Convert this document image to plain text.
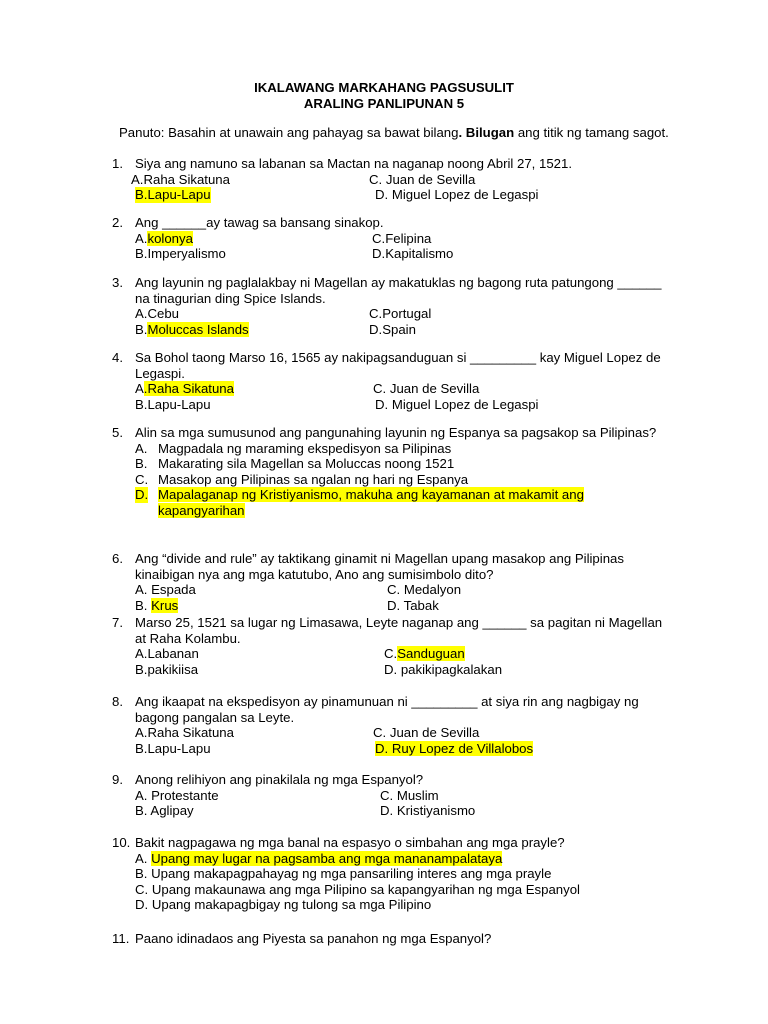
IKALAWANG MARKAHANG PAGSUSULIT
ARALING PANLIPUNAN 5
Panuto: Basahin at unawain ang pahayag sa bawat bilang. Bilugan ang titik ng tamang sagot.
1. Siya ang namuno sa labanan sa Mactan na naganap noong Abril 27, 1521.
A.Raha Sikatuna	C. Juan de Sevilla
B.Lapu-Lapu	D. Miguel Lopez de Legaspi
2. Ang ______ay tawag sa bansang sinakop.
A.kolonya	C.Felipina
B.Imperyalismo	D.Kapitalismo
3. Ang layunin ng paglalakbay ni Magellan ay makatuklas ng bagong ruta patungong ______ na tinagurian ding Spice Islands.
A.Cebu	C.Portugal
B.Moluccas Islands	D.Spain
4. Sa Bohol taong Marso 16, 1565 ay nakipagsanduguan si _________ kay Miguel Lopez de Legaspi.
A.Raha Sikatuna	C. Juan de Sevilla
B.Lapu-Lapu	D. Miguel Lopez de Legaspi
5. Alin sa mga sumusunod ang pangunahing layunin ng Espanya sa pagsakop sa Pilipinas?
A. Magpadala ng maraming ekspedisyon sa Pilipinas
B. Makarating sila Magellan sa Moluccas noong 1521
C. Masakop ang Pilipinas sa ngalan ng hari ng Espanya
D. Mapalaganap ng Kristiyanismo, makuha ang kayamanan at makamit ang kapangyarihan
6. Ang “divide and rule” ay taktikang ginamit ni Magellan upang masakop ang Pilipinas kinaibigan nya ang mga katutubo, Ano ang sumisimbolo dito?
A. Espada	C. Medalyon
B. Krus	D. Tabak
7. Marso 25, 1521 sa lugar ng Limasawa, Leyte naganap ang ______ sa pagitan ni Magellan at Raha Kolambu.
A.Labanan	C.Sanduguan
B.pakikiisa	D. pakikipagkalakan
8. Ang ikaapat na ekspedisyon ay pinamunuan ni _________ at siya rin ang nagbigay ng bagong pangalan sa Leyte.
A.Raha Sikatuna	C. Juan de Sevilla
B.Lapu-Lapu	D. Ruy Lopez de Villalobos
9. Anong relihiyon ang pinakilala ng mga Espanyol?
A. Protestante	C. Muslim
B. Aglipay	D. Kristiyanismo
10. Bakit nagpagawa ng mga banal na espasyo o simbahan ang mga prayle?
A. Upang may lugar na pagsamba ang mga mananampalataya
B. Upang makapagpahayag ng mga pansariling interes ang mga prayle
C. Upang makaunawa ang mga Pilipino sa kapangyarihan ng mga Espanyol
D. Upang makapagbigay ng tulong sa mga Pilipino
11. Paano idinadaos ang Piyesta sa panahon ng mga Espanyol?
